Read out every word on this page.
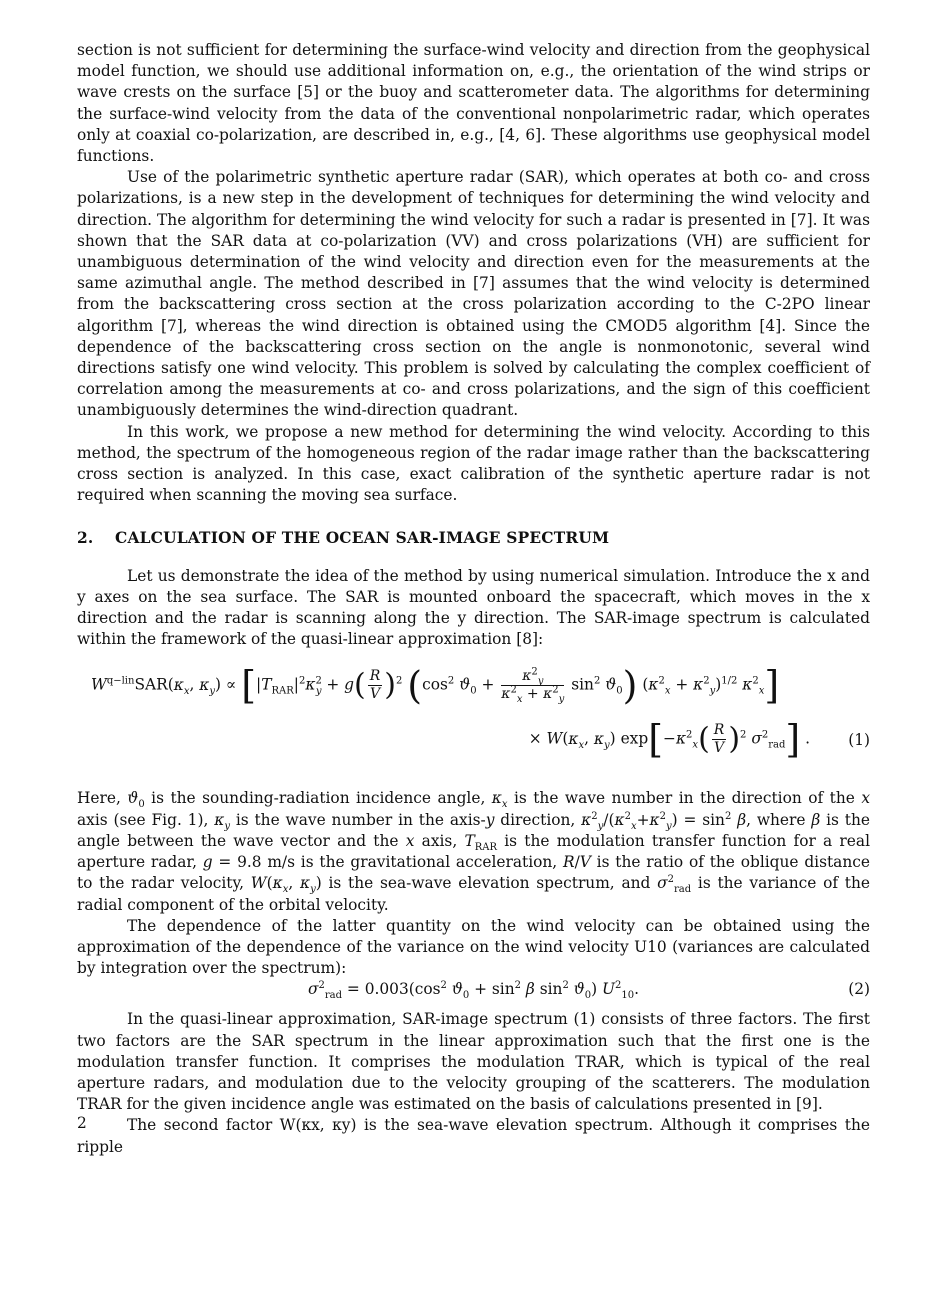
section is not sufficient for determining the surface-wind velocity and direction from the geophysical model function, we should use additional information on, e.g., the orientation of the wind strips or wave crests on the surface [5] or the buoy and scatterometer data. The algorithms for determining the surface-wind velocity from the data of the conventional nonpolarimetric radar, which operates only at coaxial co-polarization, are described in, e.g., [4, 6]. These algorithms use geophysical model functions.

Use of the polarimetric synthetic aperture radar (SAR), which operates at both co- and cross polarizations, is a new step in the development of techniques for determining the wind velocity and direction. The algorithm for determining the wind velocity for such a radar is presented in [7]. It was shown that the SAR data at co-polarization (VV) and cross polarizations (VH) are sufficient for unambiguous determination of the wind velocity and direction even for the measurements at the same azimuthal angle. The method described in [7] assumes that the wind velocity is determined from the backscattering cross section at the cross polarization according to the C-2PO linear algorithm [7], whereas the wind direction is obtained using the CMOD5 algorithm [4]. Since the dependence of the backscattering cross section on the angle is nonmonotonic, several wind directions satisfy one wind velocity. This problem is solved by calculating the complex coefficient of correlation among the measurements at co- and cross polarizations, and the sign of this coefficient unambiguously determines the wind-direction quadrant.

In this work, we propose a new method for determining the wind velocity. According to this method, the spectrum of the homogeneous region of the radar image rather than the backscattering cross section is analyzed. In this case, exact calibration of the synthetic aperture radar is not required when scanning the moving sea surface.

2. CALCULATION OF THE OCEAN SAR-IMAGE SPECTRUM

Let us demonstrate the idea of the method by using numerical simulation. Introduce the x and y axes on the sea surface. The SAR is mounted onboard the spacecraft, which moves in the x direction and the radar is scanning along the y direction. The SAR-image spectrum is calculated within the framework of the quasi-linear approximation [8]:

$W^{q-lin}SAR(\kappa_x$, $\kappa_y) \propto [|T_{RAR}|^2\kappa^2_y + g( \frac{R}{V} )^2$ ($\cos^2$ $ϑ_0 + \frac{\kappa^2_y}{\kappa^2_x + \kappa^2_y} \sin^2 ϑ_0$) $(\kappa^2_x + \kappa^2_y)^{1/2}$ $\kappa^2_x$]
× $W(\kappa_x$, $\kappa_y$) $\exp[-\kappa^2_x( \frac{R}{V} )^2$ $\sigma^2_{rad}$] . (1)

Here, $ϑ_0$ is the sounding-radiation incidence angle, $\kappa_x$ is the wave number in the direction of the x axis (see Fig. 1), $\kappa_y$ is the wave number in the axis-y direction, $\kappa^2_y/(\kappa^2_x+\kappa^2_y) = \sin^2 \beta$, where β is the angle between the wave vector and the x axis, $T_{RAR}$ is the modulation transfer function for a real aperture radar, g = 9.8 m/s is the gravitational acceleration, R/V is the ratio of the oblique distance to the radar velocity, $W(\kappa_x$, $\kappa_y$) is the sea-wave elevation spectrum, and $\sigma^2_{rad}$ is the variance of the radial component of the orbital velocity.

The dependence of the latter quantity on the wind velocity can be obtained using the approximation of the dependence of the variance on the wind velocity U10 (variances are calculated by integration over the spectrum):

$\sigma^2_{rad} = 0.003(\cos^2$ $ϑ_0 + \sin^2 \beta$ $\sin^2 ϑ_0$) $U^2_{10}$.	(2)

In the quasi-linear approximation, SAR-image spectrum (1) consists of three factors. The first two factors are the SAR spectrum in the linear approximation such that the first one is the modulation transfer function. It comprises the modulation TRAR, which is typical of the real aperture radars, and modulation due to the velocity grouping of the scatterers. The modulation TRAR for the given incidence angle was estimated on the basis of calculations presented in [9].

The second factor W(κx, κy) is the sea-wave elevation spectrum. Although it comprises the ripple

2
